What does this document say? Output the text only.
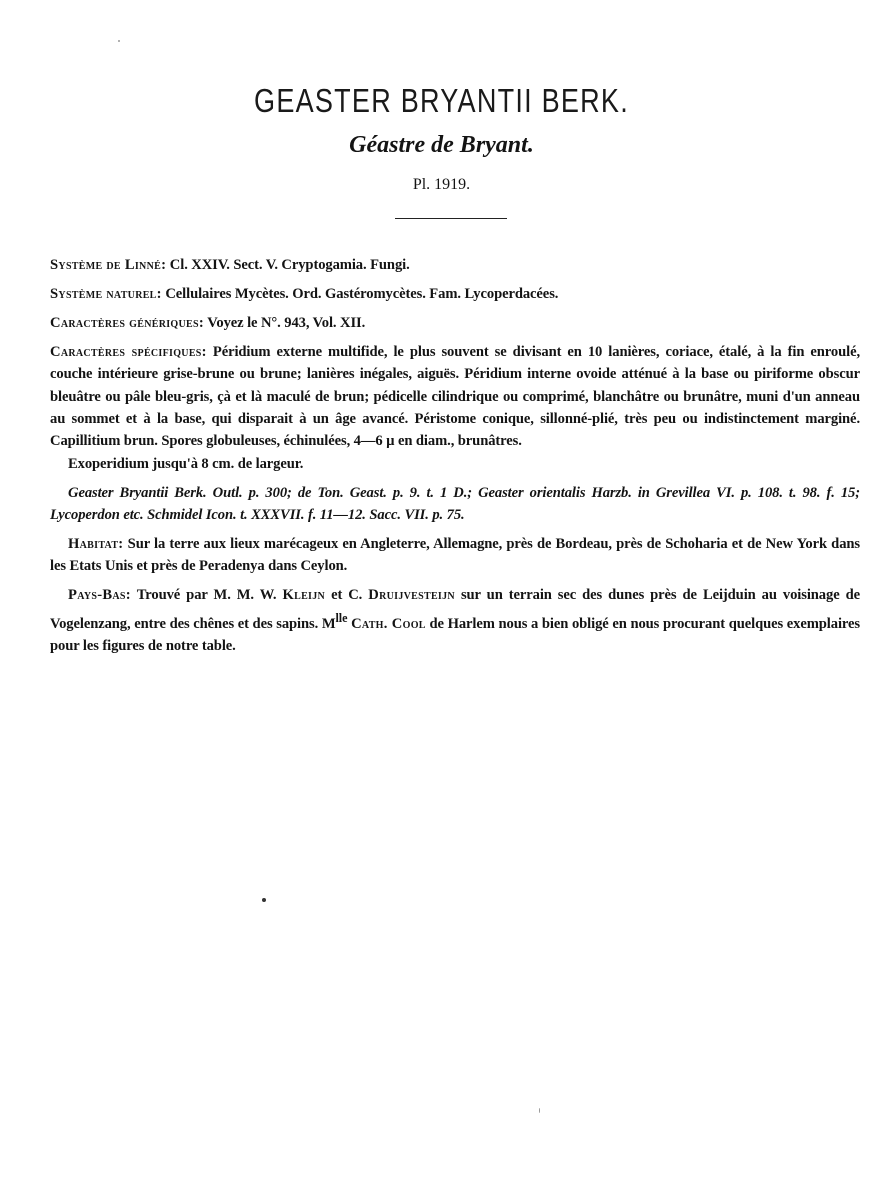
GEASTER BRYANTII BERK.
Géastre de Bryant.
Pl. 1919.

Système de Linné: Cl. XXIV. Sect. V. Cryptogamia. Fungi.

Système naturel: Cellulaires Mycètes. Ord. Gastéromycètes. Fam. Lycoperdacées.

Caractères génériques: Voyez le N°. 943, Vol. XII.

Caractères spécifiques: Péridium externe multifide, le plus souvent se divisant en 10 lanières, coriace, étalé, à la fin enroulé, couche intérieure grise-brune ou brune; lanières inégales, aiguës. Péridium interne ovoide atténué à la base ou piriforme obscur bleuâtre ou pâle bleu-gris, çà et là maculé de brun; pédicelle cilindrique ou comprimé, blanchâtre ou brunâtre, muni d'un anneau au sommet et à la base, qui disparait à un âge avancé. Péristome conique, sillonné-plié, très peu ou indistinctement marginé. Capillitium brun. Spores globuleuses, échinulées, 4—6 µ en diam., brunâtres.

Exoperidium jusqu'à 8 cm. de largeur.

Geaster Bryantii Berk. Outl. p. 300; de Ton. Geast. p. 9. t. 1 D.; Geaster orientalis Harzb. in Grevillea VI. p. 108. t. 98. f. 15; Lycoperdon etc. Schmidel Icon. t. XXXVII. f. 11—12. Sacc. VII. p. 75.

Habitat: Sur la terre aux lieux marécageux en Angleterre, Allemagne, près de Bordeau, près de Schoharia et de New York dans les Etats Unis et près de Peradenya dans Ceylon.

Pays-Bas: Trouvé par M. M. W. Kleijn et C. Druijvesteijn sur un terrain sec des dunes près de Leijduin au voisinage de Vogelenzang, entre des chênes et des sapins. $M^{lle}$ Cath. Cool de Harlem nous a bien obligé en nous procurant quelques exemplaires pour les figures de notre table.
